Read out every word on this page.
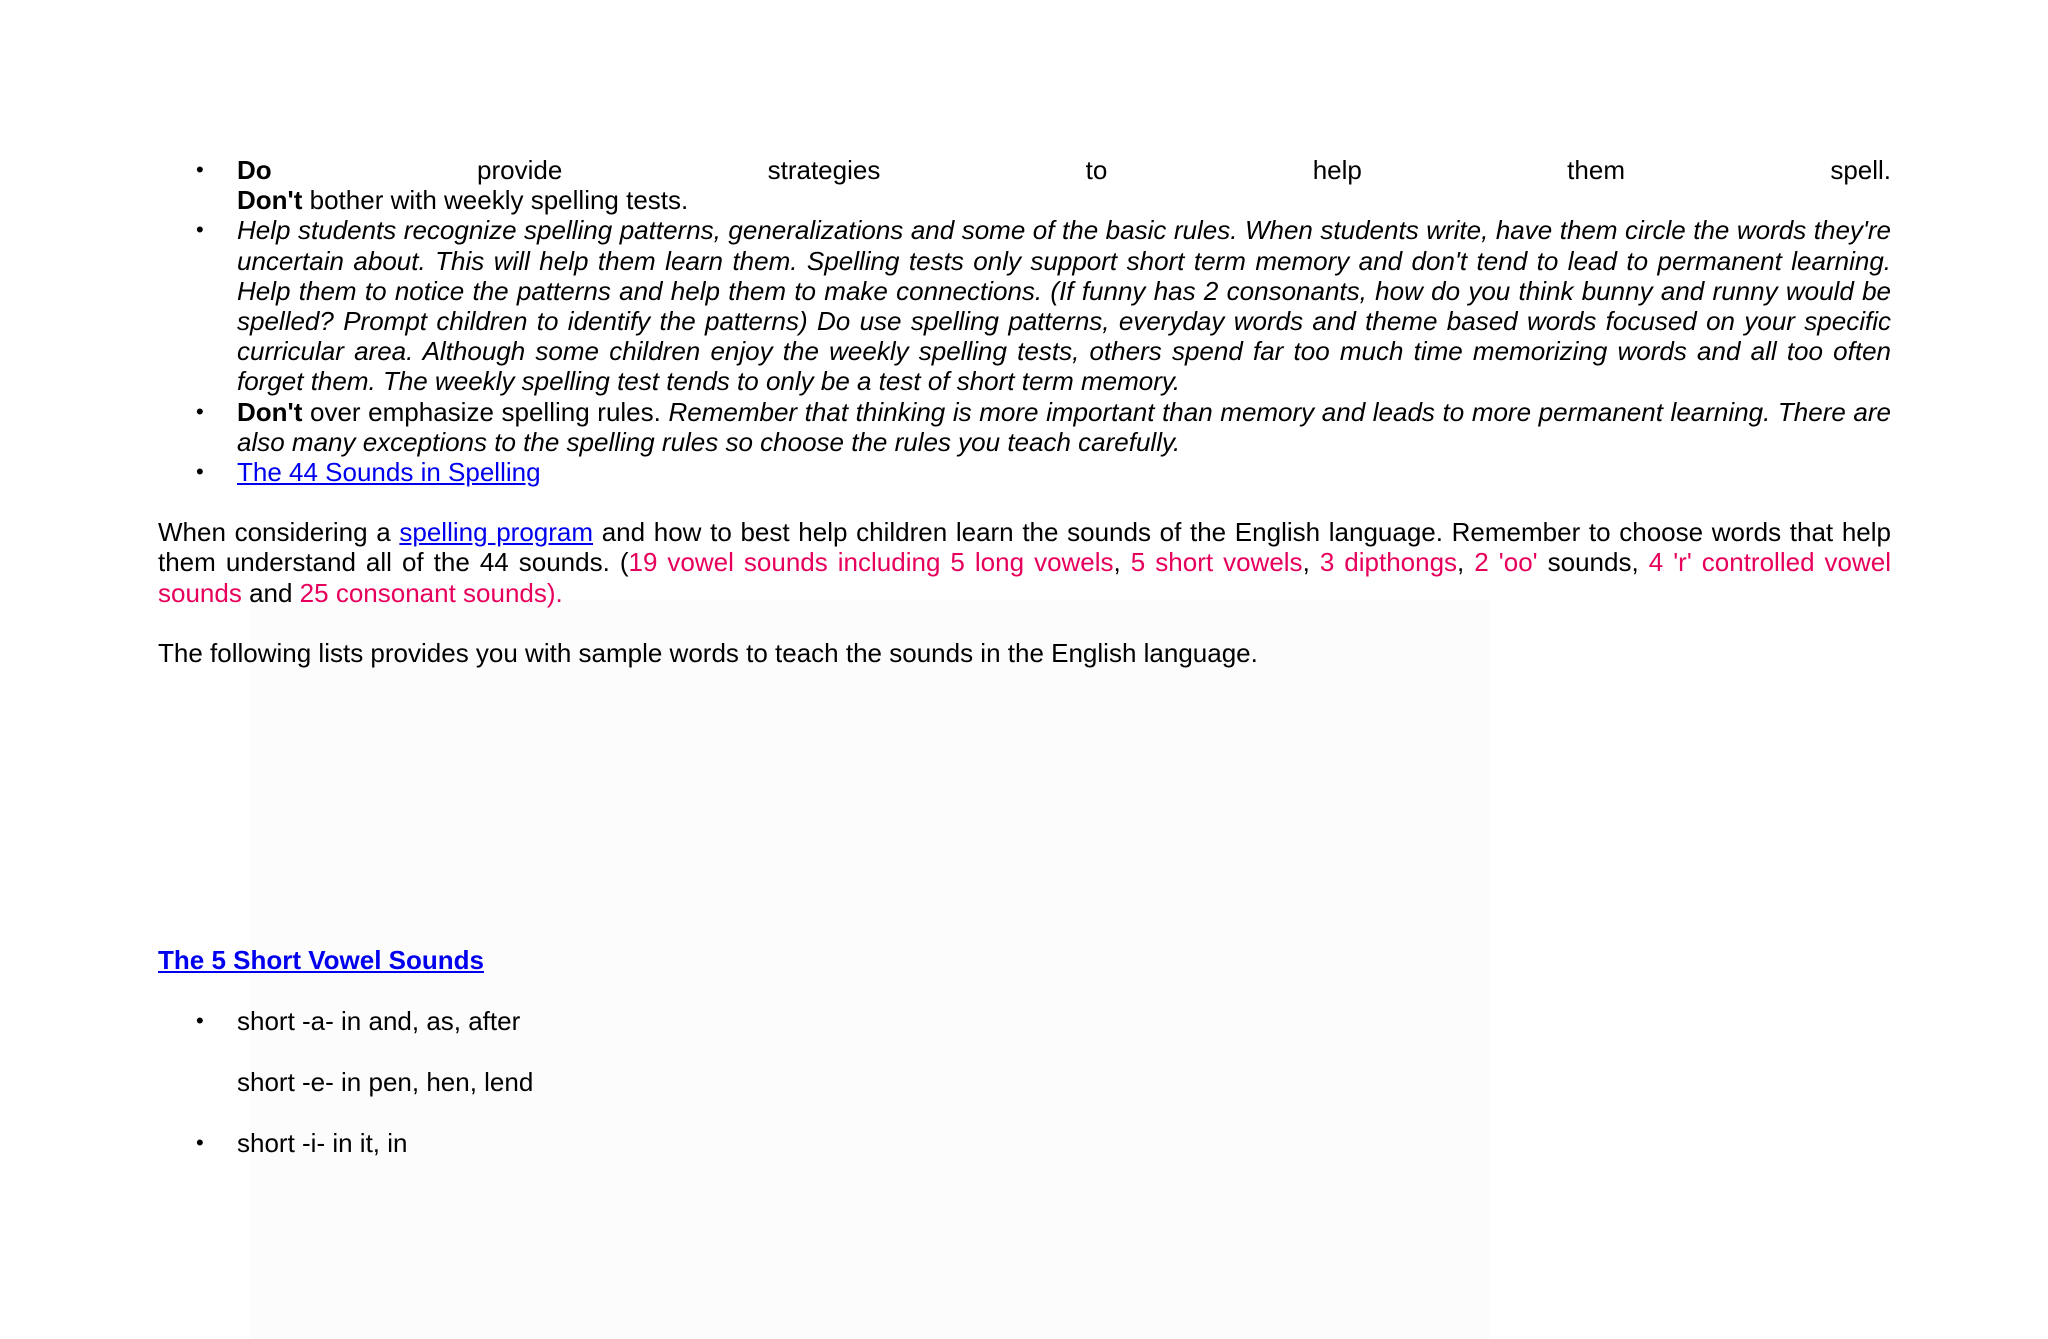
• Do	provide	strategies	to	help	them	spell.
Don't bother with weekly spelling tests.
• Help students recognize spelling patterns, generalizations and some of the basic rules. When students write, have them circle the words they're uncertain about. This will help them learn them. Spelling tests only support short term memory and don't tend to lead to permanent learning. Help them to notice the patterns and help them to make connections. (If funny has 2 consonants, how do you think bunny and runny would be spelled? Prompt children to identify the patterns) Do use spelling patterns, everyday words and theme based words focused on your specific curricular area. Although some children enjoy the weekly spelling tests, others spend far too much time memorizing words and all too often forget them. The weekly spelling test tends to only be a test of short term memory.
• Don't over emphasize spelling rules. Remember that thinking is more important than memory and leads to more permanent learning. There are also many exceptions to the spelling rules so choose the rules you teach carefully.
• The 44 Sounds in Spelling

When considering a spelling program and how to best help children learn the sounds of the English language. Remember to choose words that help them understand all of the 44 sounds. (19 vowel sounds including 5 long vowels, 5 short vowels, 3 dipthongs, 2 'oo' sounds, 4 'r' controlled vowel sounds and 25 consonant sounds).

The following lists provides you with sample words to teach the sounds in the English language.

The 5 Short Vowel Sounds
• short -a- in and, as, after
short -e- in pen, hen, lend
• short -i- in it, in
